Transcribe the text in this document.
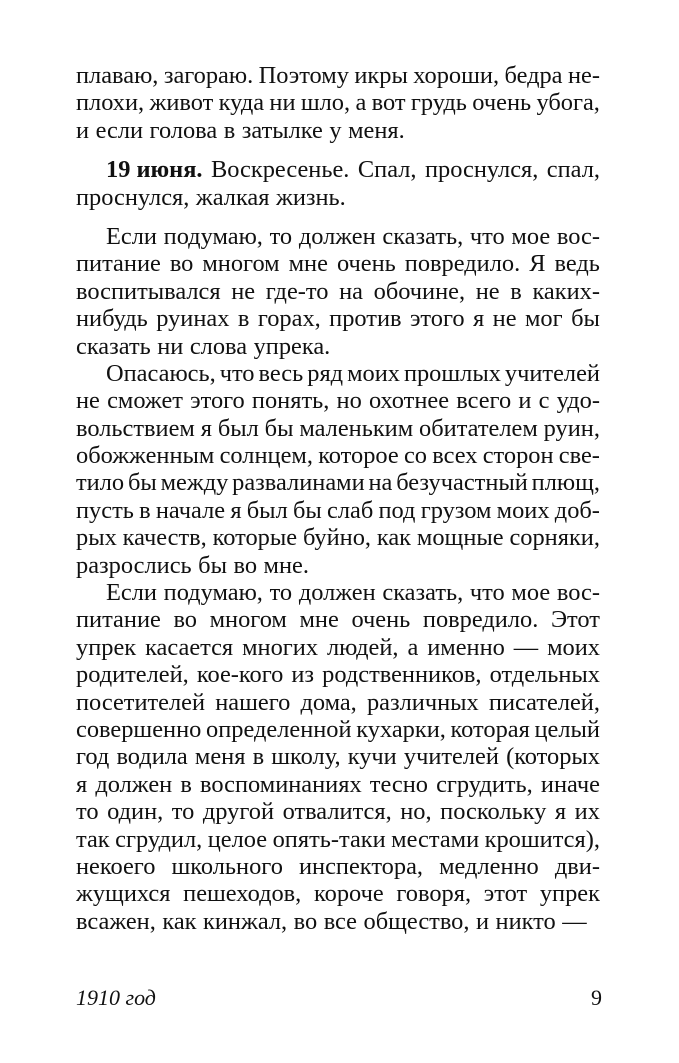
плаваю, загораю. Поэтому икры хороши, бедра не-
плохи, живот куда ни шло, а вот грудь очень убога,
и если голова в затылке у меня.
19 июня. Воскресенье. Спал, проснулся, спал,
проснулся, жалкая жизнь.
Если подумаю, то должен сказать, что мое вос-
питание во многом мне очень повредило. Я ведь
воспитывался не где-то на обочине, не в каких-
нибудь руинах в горах, против этого я не мог бы
сказать ни слова упрека.
Опасаюсь, что весь ряд моих прошлых учителей
не сможет этого понять, но охотнее всего и с удо-
вольствием я был бы маленьким обитателем руин,
обожженным солнцем, которое со всех сторон све-
тило бы между развалинами на безучастный плющ,
пусть в начале я был бы слаб под грузом моих доб-
рых качеств, которые буйно, как мощные сорняки,
разрослись бы во мне.
Если подумаю, то должен сказать, что мое вос-
питание во многом мне очень повредило. Этот
упрек касается многих людей, а именно — моих
родителей, кое-кого из родственников, отдельных
посетителей нашего дома, различных писателей,
совершенно определенной кухарки, которая целый
год водила меня в школу, кучи учителей (которых
я должен в воспоминаниях тесно сгрудить, иначе
то один, то другой отвалится, но, поскольку я их
так сгрудил, целое опять-таки местами крошится),
некоего школьного инспектора, медленно дви-
жущихся пешеходов, короче говоря, этот упрек
всажен, как кинжал, во все общество, и никто —
1910 год	9
